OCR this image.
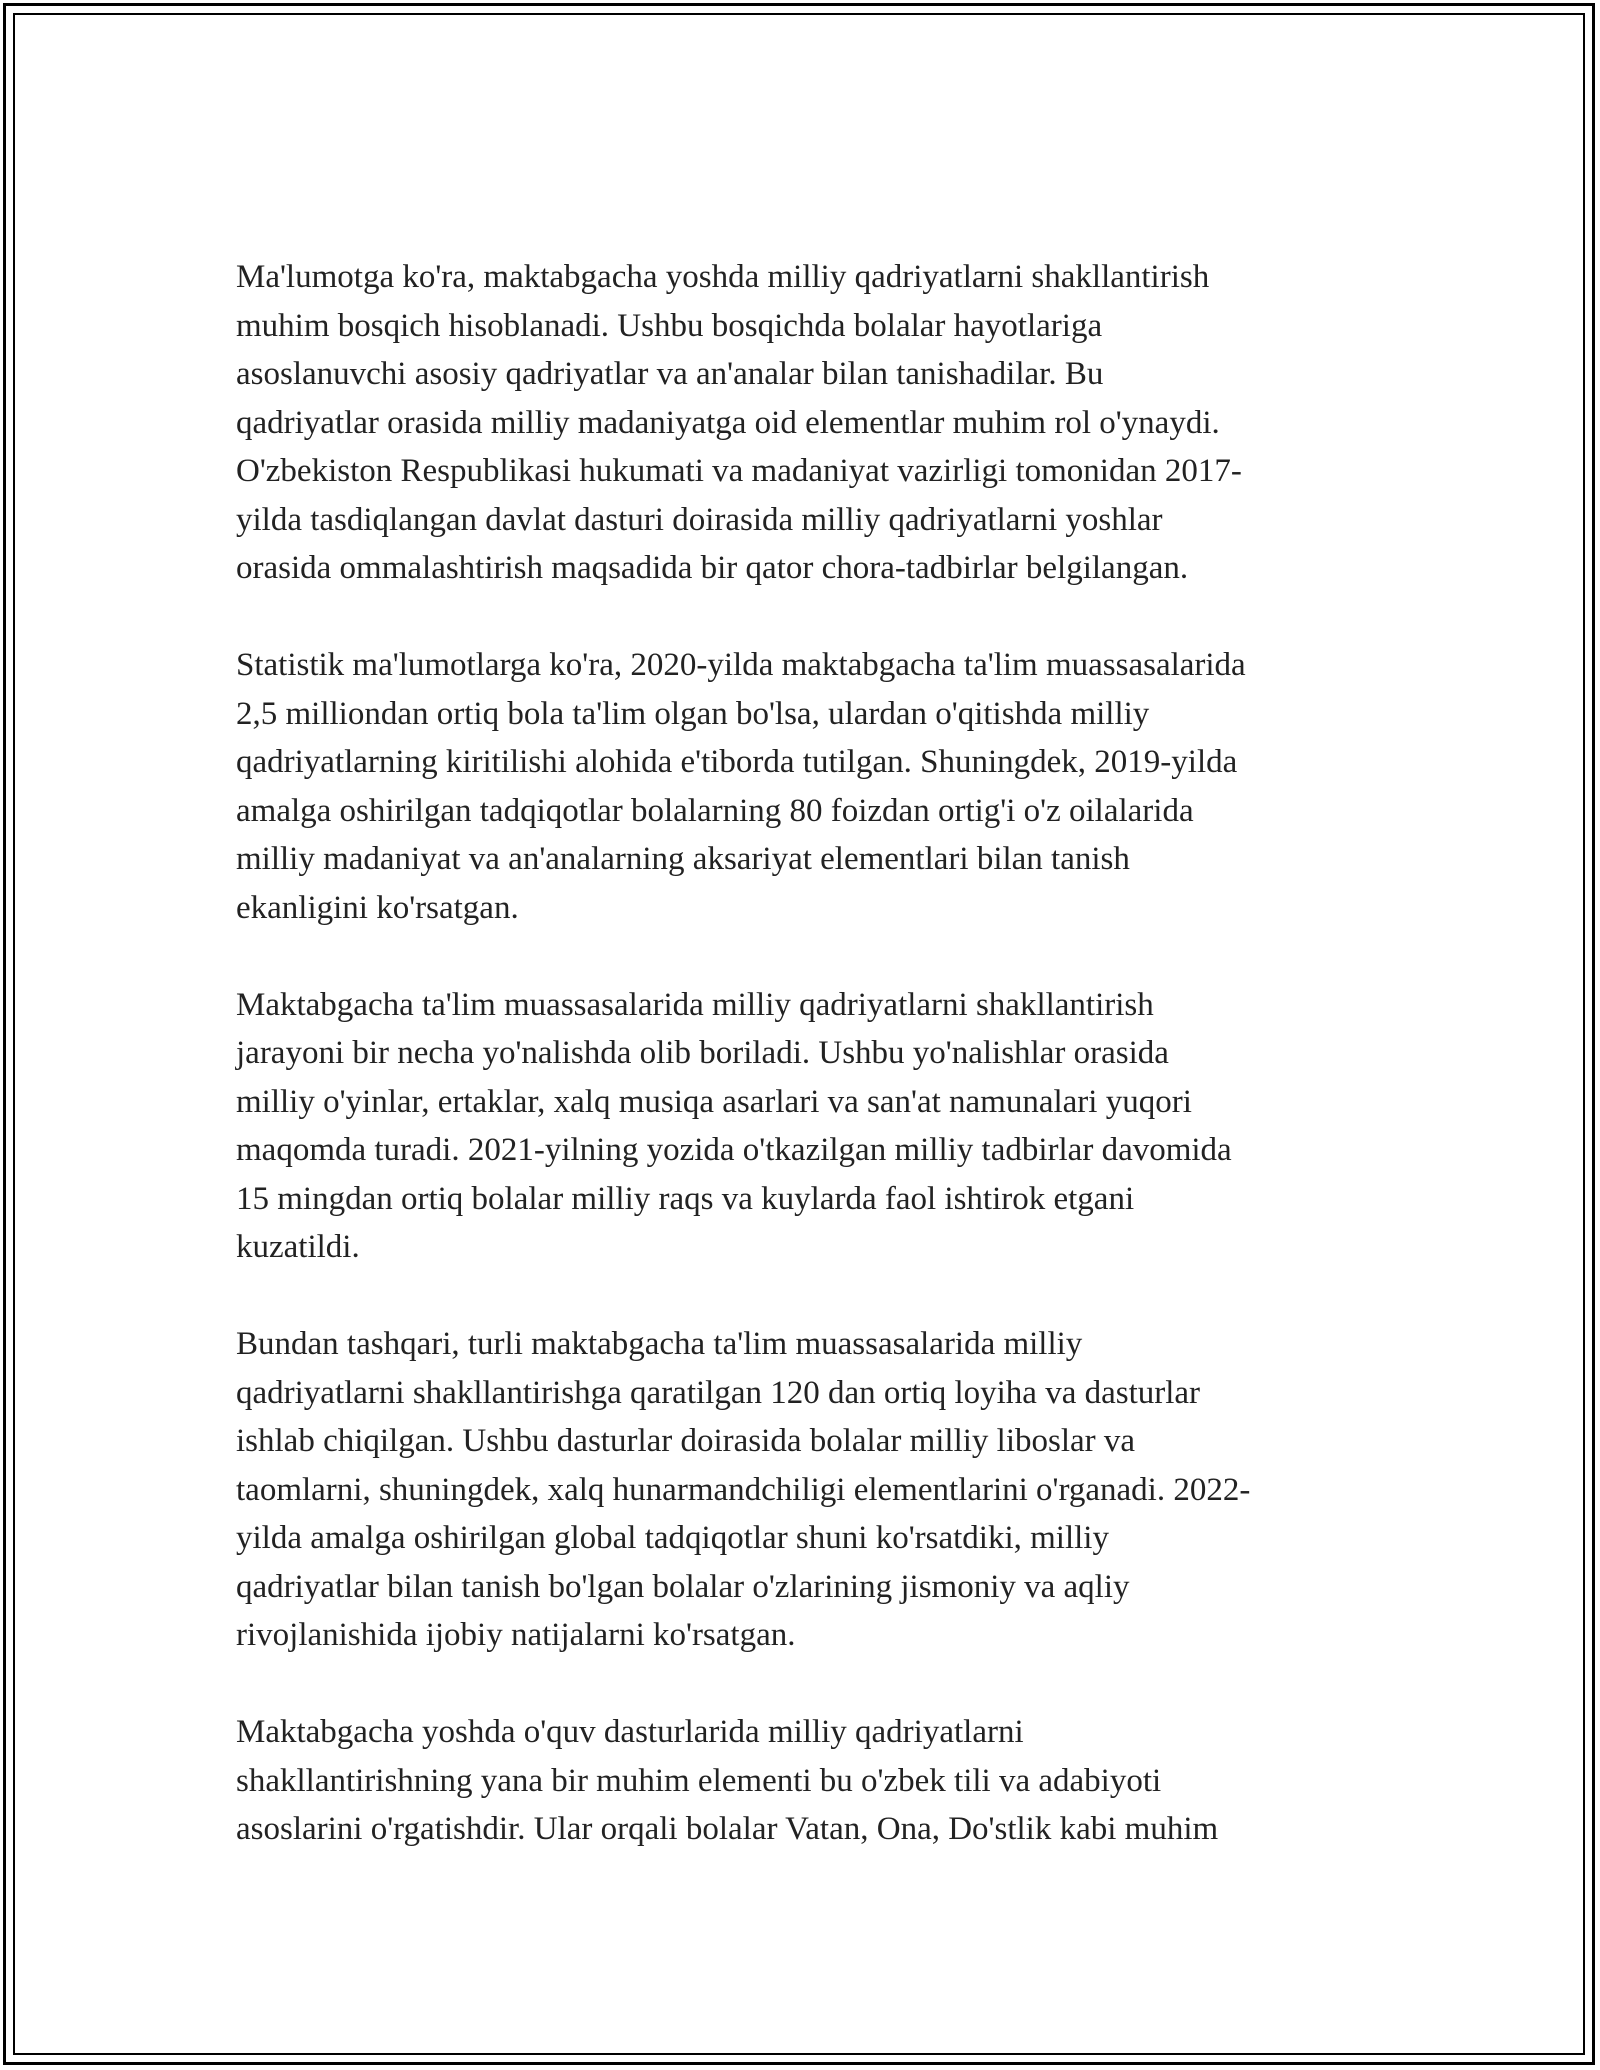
Ma'lumotga ko'ra, maktabgacha yoshda milliy qadriyatlarni shakllantirish
muhim bosqich hisoblanadi. Ushbu bosqichda bolalar hayotlariga
asoslanuvchi asosiy qadriyatlar va an'analar bilan tanishadilar. Bu
qadriyatlar orasida milliy madaniyatga oid elementlar muhim rol o'ynaydi.
O'zbekiston Respublikasi hukumati va madaniyat vazirligi tomonidan 2017-
yilda tasdiqlangan davlat dasturi doirasida milliy qadriyatlarni yoshlar
orasida ommalashtirish maqsadida bir qator chora-tadbirlar belgilangan.

Statistik ma'lumotlarga ko'ra, 2020-yilda maktabgacha ta'lim muassasalarida
2,5 milliondan ortiq bola ta'lim olgan bo'lsa, ulardan o'qitishda milliy
qadriyatlarning kiritilishi alohida e'tiborda tutilgan. Shuningdek, 2019-yilda
amalga oshirilgan tadqiqotlar bolalarning 80 foizdan ortig'i o'z oilalarida
milliy madaniyat va an'analarning aksariyat elementlari bilan tanish
ekanligini ko'rsatgan.

Maktabgacha ta'lim muassasalarida milliy qadriyatlarni shakllantirish
jarayoni bir necha yo'nalishda olib boriladi. Ushbu yo'nalishlar orasida
milliy o'yinlar, ertaklar, xalq musiqa asarlari va san'at namunalari yuqori
maqomda turadi. 2021-yilning yozida o'tkazilgan milliy tadbirlar davomida
15 mingdan ortiq bolalar milliy raqs va kuylarda faol ishtirok etgani
kuzatildi.

Bundan tashqari, turli maktabgacha ta'lim muassasalarida milliy
qadriyatlarni shakllantirishga qaratilgan 120 dan ortiq loyiha va dasturlar
ishlab chiqilgan. Ushbu dasturlar doirasida bolalar milliy liboslar va
taomlarni, shuningdek, xalq hunarmandchiligi elementlarini o'rganadi. 2022-
yilda amalga oshirilgan global tadqiqotlar shuni ko'rsatdiki, milliy
qadriyatlar bilan tanish bo'lgan bolalar o'zlarining jismoniy va aqliy
rivojlanishida ijobiy natijalarni ko'rsatgan.

Maktabgacha yoshda o'quv dasturlarida milliy qadriyatlarni
shakllantirishning yana bir muhim elementi bu o'zbek tili va adabiyoti
asoslarini o'rgatishdir. Ular orqali bolalar Vatan, Ona, Do'stlik kabi muhim
